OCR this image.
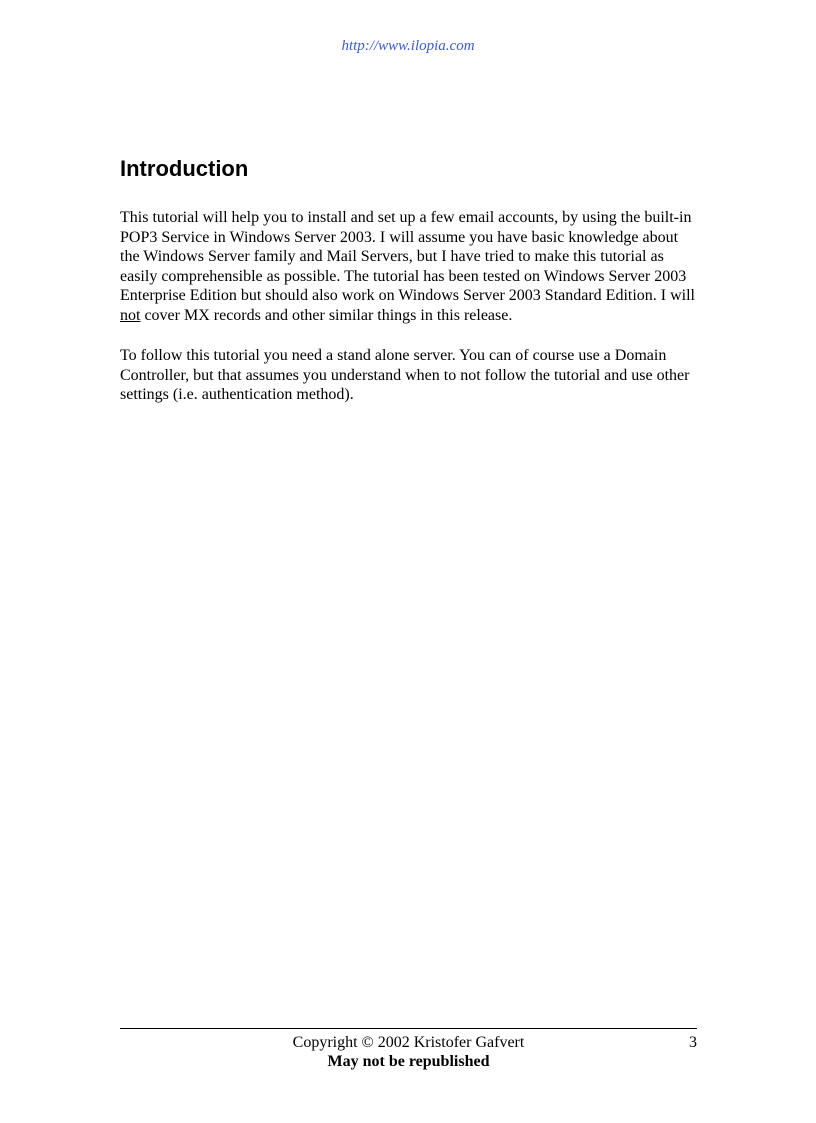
http://www.ilopia.com
Introduction

This tutorial will help you to install and set up a few email accounts, by using the built-in
POP3 Service in Windows Server 2003. I will assume you have basic knowledge about
the Windows Server family and Mail Servers, but I have tried to make this tutorial as
easily comprehensible as possible. The tutorial has been tested on Windows Server 2003
Enterprise Edition but should also work on Windows Server 2003 Standard Edition. I will
not cover MX records and other similar things in this release.

To follow this tutorial you need a stand alone server. You can of course use a Domain
Controller, but that assumes you understand when to not follow the tutorial and use other
settings (i.e. authentication method).

Copyright © 2002 Kristofer Gafvert	3
May not be republished
